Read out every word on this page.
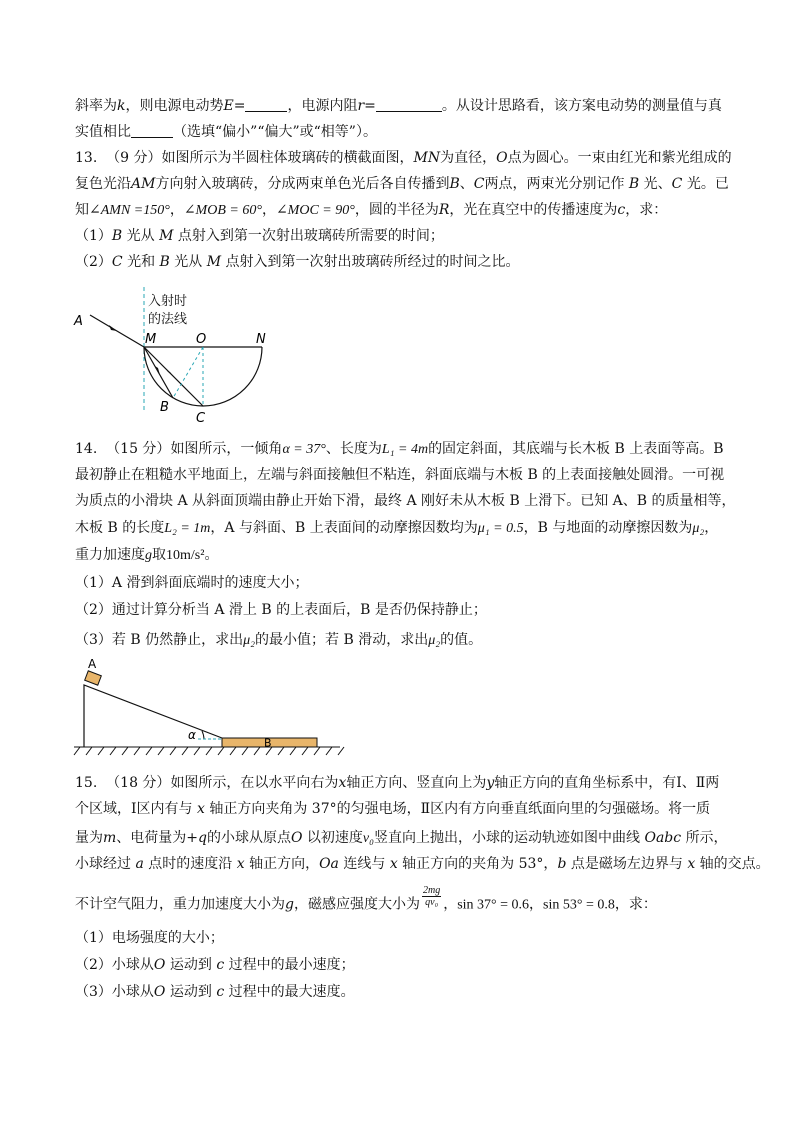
斜率为k，则电源电动势E=	，电源内阻r=	。从设计思路看，该方案电动势的测量值与真
实值相比	（选填“偏小”“偏大”或“相等”）。
13. （9 分）如图所示为半圆柱体玻璃砖的横截面图，MN为直径，O点为圆心。一束由红光和紫光组成的
复色光沿AM方向射入玻璃砖，分成两束单色光后各自传播到B、C两点，两束光分别记作 B 光、C 光。已
知∠AMN =150°，∠MOB = 60°，∠MOC = 90°，圆的半径为R，光在真空中的传播速度为c，求：
（1）B 光从 M 点射入到第一次射出玻璃砖所需要的时间；
（2）C 光和 B 光从 M 点射入到第一次射出玻璃砖所经过的时间之比。
入射时
的法线
A
M	O	N
B
C
14. （15 分）如图所示，一倾角α = 37°、长度为L₁ = 4m的固定斜面，其底端与长木板 B 上表面等高。B
最初静止在粗糙水平地面上，左端与斜面接触但不粘连，斜面底端与木板 B 的上表面接触处圆滑。一可视
为质点的小滑块 A 从斜面顶端由静止开始下滑，最终 A 刚好未从木板 B 上滑下。已知 A、B 的质量相等，
木板 B 的长度L₂ = 1m，A 与斜面、B 上表面间的动摩擦因数均为μ₁ = 0.5，B 与地面的动摩擦因数为μ₂，
重力加速度g取10m/s²。
（1）A 滑到斜面底端时的速度大小；
（2）通过计算分析当 A 滑上 B 的上表面后，B 是否仍保持静止；
（3）若 B 仍然静止，求出μ₂的最小值；若 B 滑动，求出μ₂的值。
A
α
B
15. （18 分）如图所示，在以水平向右为x轴正方向、竖直向上为y轴正方向的直角坐标系中，有Ⅰ、Ⅱ两
个区域，Ⅰ区内有与 x 轴正方向夹角为 37°的匀强电场，Ⅱ区内有方向垂直纸面向里的匀强磁场。将一质
量为m、电荷量为+q的小球从原点O 以初速度v₀竖直向上抛出，小球的运动轨迹如图中曲线 Oabc 所示，
小球经过 a 点时的速度沿 x 轴正方向，Oa 连线与 x 轴正方向的夹角为 53°，b 点是磁场左边界与 x 轴的交点。
不计空气阻力，重力加速度大小为g，磁感应强度大小为 $\frac{2mg}{\text{qv₀}}$ ，sin 37° = 0.6，sin 53° = 0.8，求：
（1）电场强度的大小；
（2）小球从O 运动到 c 过程中的最小速度；
（3）小球从O 运动到 c 过程中的最大速度。
